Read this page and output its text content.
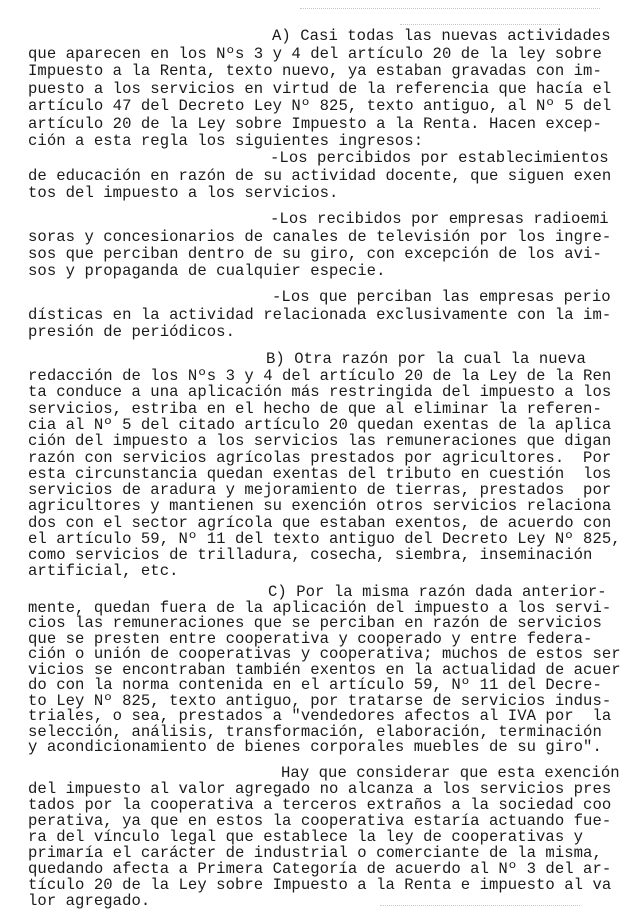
A) Casi todas las nuevas actividades
que aparecen en los Nºs 3 y 4 del artículo 20 de la ley sobre
Impuesto a la Renta, texto nuevo, ya estaban gravadas con im-
puesto a los servicios en virtud de la referencia que hacía el
artículo 47 del Decreto Ley Nº 825, texto antiguo, al Nº 5 del
artículo 20 de la Ley sobre Impuesto a la Renta. Hacen excep-
ción a esta regla los siguientes ingresos:
-Los percibidos por establecimientos
de educación en razón de su actividad docente, que siguen exen
tos del impuesto a los servicios.
-Los recibidos por empresas radioemi
soras y concesionarios de canales de televisión por los ingre-
sos que perciban dentro de su giro, con excepción de los avi-
sos y propaganda de cualquier especie.
-Los que perciban las empresas perio
dísticas en la actividad relacionada exclusivamente con la im-
presión de periódicos.
B) Otra razón por la cual la nueva
redacción de los Nºs 3 y 4 del artículo 20 de la Ley de la Ren
ta conduce a una aplicación más restringida del impuesto a los
servicios, estriba en el hecho de que al eliminar la referen-
cia al Nº 5 del citado artículo 20 quedan exentas de la aplica
ción del impuesto a los servicios las remuneraciones que digan
razón con servicios agrícolas prestados por agricultores.  Por
esta circunstancia quedan exentas del tributo en cuestión  los
servicios de aradura y mejoramiento de tierras, prestados  por
agricultores y mantienen su exención otros servicios relaciona
dos con el sector agrícola que estaban exentos, de acuerdo con
el artículo 59, Nº 11 del texto antiguo del Decreto Ley Nº 825,
como servicios de trilladura, cosecha, siembra, inseminación
artificial, etc.
C) Por la misma razón dada anterior-
mente, quedan fuera de la aplicación del impuesto a los servi-
cios las remuneraciones que se perciban en razón de servicios
que se presten entre cooperativa y cooperado y entre federa-
ción o unión de cooperativas y cooperativa; muchos de estos ser
vicios se encontraban también exentos en la actualidad de acuer
do con la norma contenida en el artículo 59, Nº 11 del Decre-
to Ley Nº 825, texto antiguo, por tratarse de servicios indus-
triales, o sea, prestados a "vendedores afectos al IVA por  la
selección, análisis, transformación, elaboración, terminación
y acondicionamiento de bienes corporales muebles de su giro".
Hay que considerar que esta exención
del impuesto al valor agregado no alcanza a los servicios pres
tados por la cooperativa a terceros extraños a la sociedad coo
perativa, ya que en estos la cooperativa estaría actuando fue-
ra del vínculo legal que establece la ley de cooperativas y
primaría el carácter de industrial o comerciante de la misma,
quedando afecta a Primera Categoría de acuerdo al Nº 3 del ar-
tículo 20 de la Ley sobre Impuesto a la Renta e impuesto al va
lor agregado.
